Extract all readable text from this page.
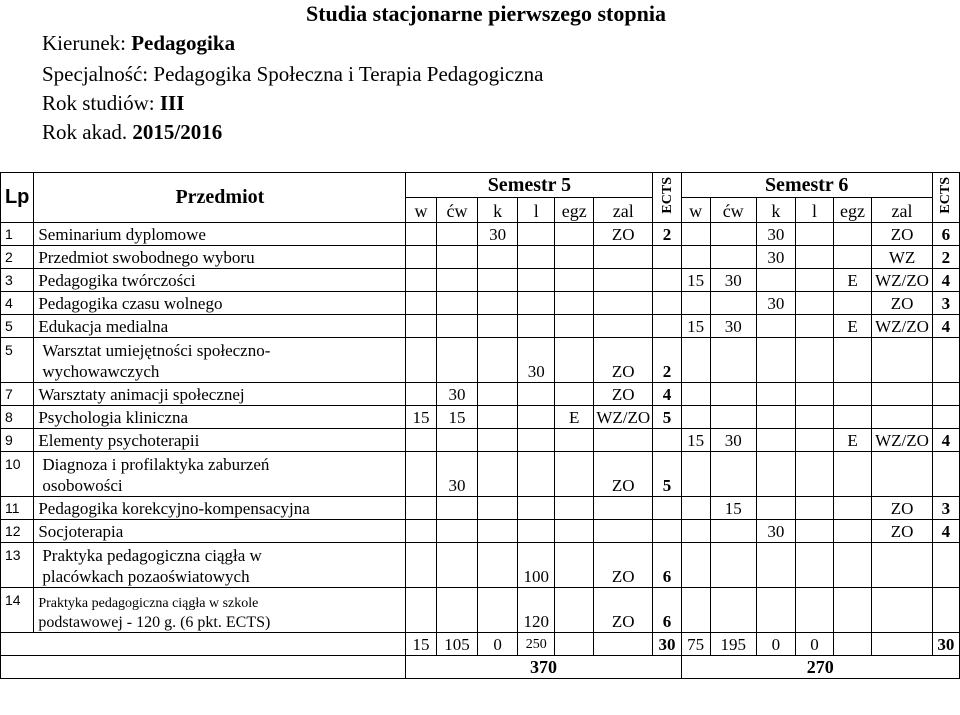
Studia stacjonarne pierwszego stopnia
Kierunek: Pedagogika
Specjalność: Pedagogika Społeczna i Terapia Pedagogiczna
Rok studiów: III
Rok akad. 2015/2016
Lp	Przedmiot	Semestr 5						ECTS	Semestr 6						ECTS
		w	ćw	k	l	egz	zal		w	ćw	k	l	egz	zal	
1	Seminarium dyplomowe			30			ZO	2			30			ZO	6
2	Przedmiot swobodnego wyboru										30			WZ	2
3	Pedagogika twórczości								15	30			E	WZ/ZO	4
4	Pedagogika czasu wolnego										30			ZO	3
5	Edukacja medialna								15	30			E	WZ/ZO	4
5	Warsztat umiejętności społeczno-
wychowawczych				30		ZO	2							
7	Warsztaty animacji społecznej		30				ZO	4							
8	Psychologia kliniczna	15	15			E	WZ/ZO	5							
9	Elementy psychoterapii								15	30			E	WZ/ZO	4
10	Diagnoza i profilaktyka zaburzeń
osobowości		30				ZO	5							
11	Pedagogika korekcyjno-kompensacyjna									15				ZO	3
12	Socjoterapia										30			ZO	4
13	Praktyka pedagogiczna ciągła w
placówkach pozaoświatowych				100		ZO	6							
14	Praktyka pedagogiczna ciągła w szkole
podstawowej - 120 g. (6 pkt. ECTS)				120		ZO	6							
		15	105	0	250			30	75	195	0	0			30
		370							270						
